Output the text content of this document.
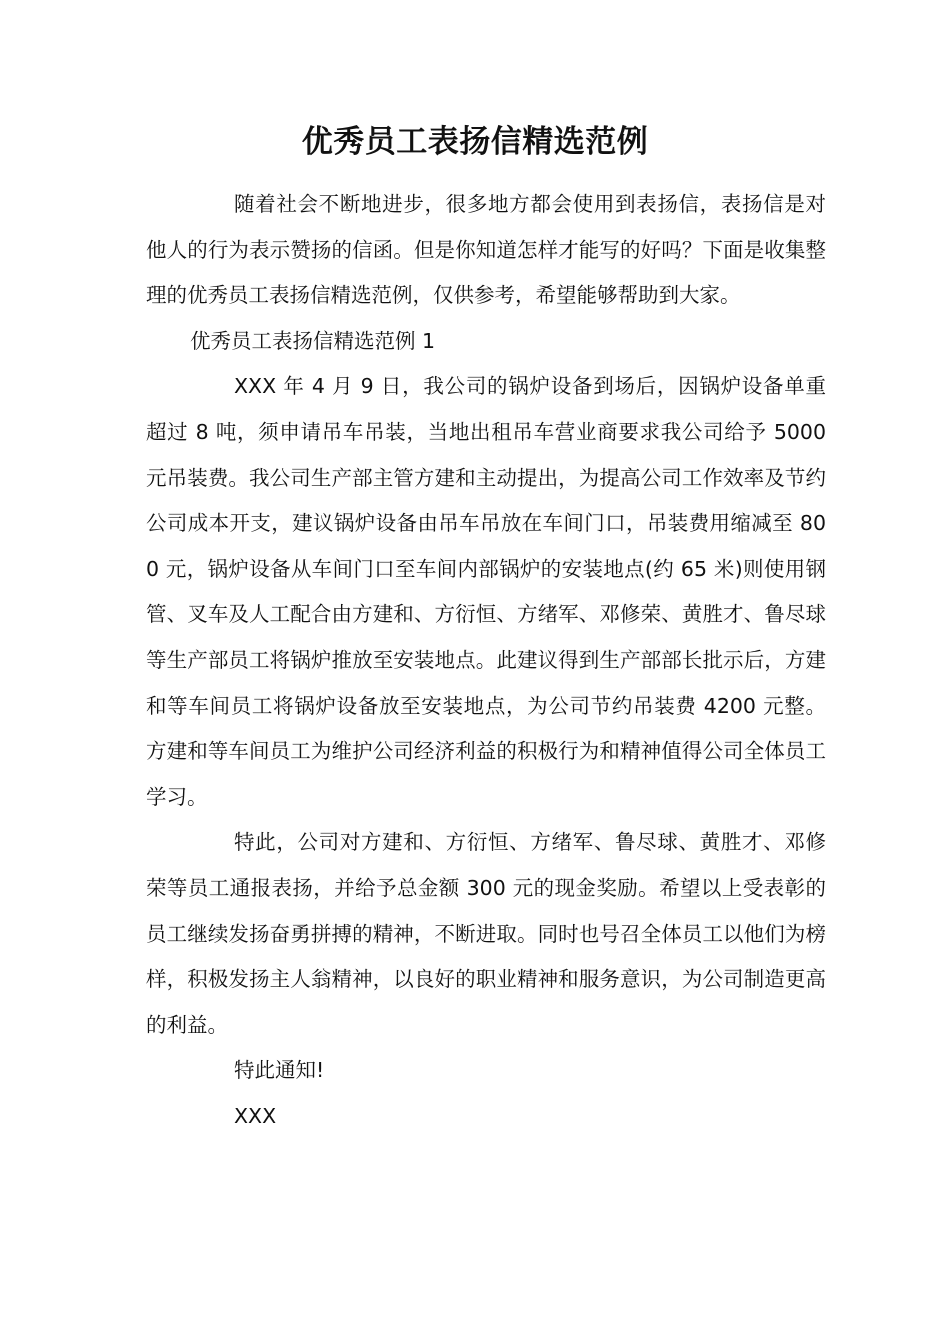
优秀员工表扬信精选范例

随着社会不断地进步，很多地方都会使用到表扬信，表扬信是对他人的行为表示赞扬的信函。但是你知道怎样才能写的好吗？下面是收集整理的优秀员工表扬信精选范例，仅供参考，希望能够帮助到大家。

优秀员工表扬信精选范例 1

XXX 年 4 月 9 日，我公司的锅炉设备到场后，因锅炉设备单重超过 8 吨，须申请吊车吊装，当地出租吊车营业商要求我公司给予 5000 元吊装费。我公司生产部主管方建和主动提出，为提高公司工作效率及节约公司成本开支，建议锅炉设备由吊车吊放在车间门口，吊装费用缩减至 800 元，锅炉设备从车间门口至车间内部锅炉的安装地点(约 65 米)则使用钢管、叉车及人工配合由方建和、方衍恒、方绪军、邓修荣、黄胜才、鲁尽球等生产部员工将锅炉推放至安装地点。此建议得到生产部部长批示后，方建和等车间员工将锅炉设备放至安装地点，为公司节约吊装费 4200 元整。方建和等车间员工为维护公司经济利益的积极行为和精神值得公司全体员工学习。

特此，公司对方建和、方衍恒、方绪军、鲁尽球、黄胜才、邓修荣等员工通报表扬，并给予总金额 300 元的现金奖励。希望以上受表彰的员工继续发扬奋勇拼搏的精神，不断进取。同时也号召全体员工以他们为榜样，积极发扬主人翁精神，以良好的职业精神和服务意识，为公司制造更高的利益。

特此通知!

XXX
